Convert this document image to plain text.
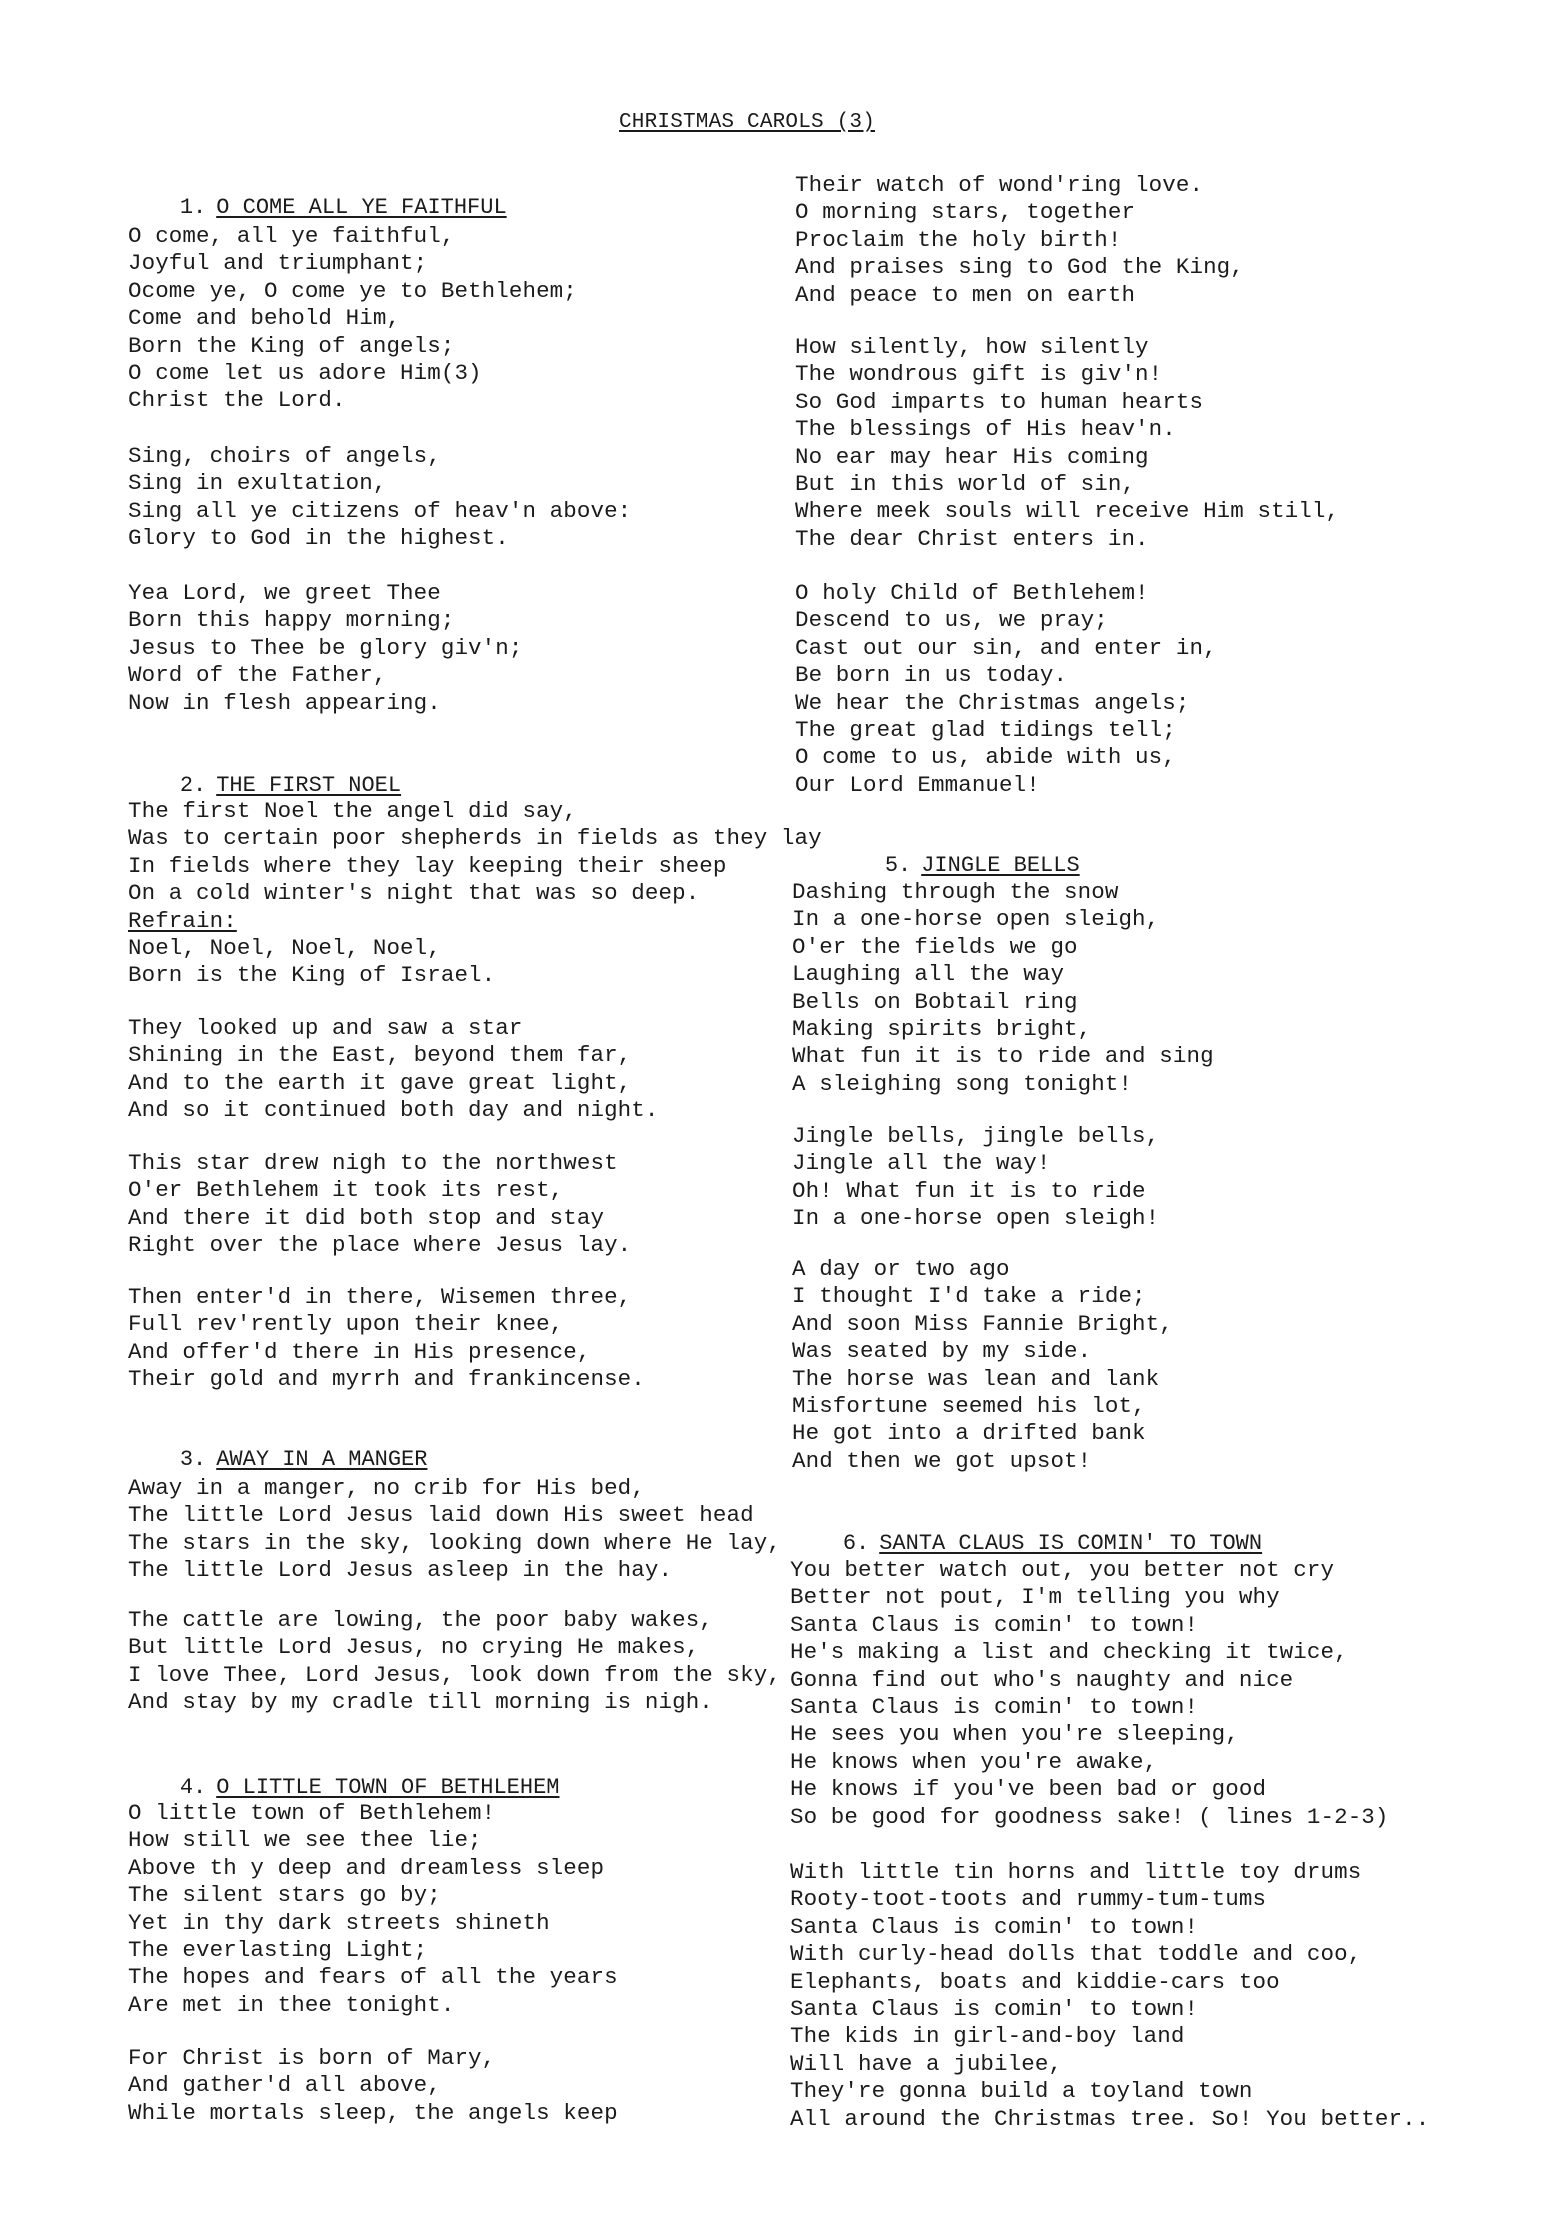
CHRISTMAS CAROLS (3)

1. O COME ALL YE FAITHFUL

O come, all ye faithful,
Joyful and triumphant;
Ocome ye, O come ye to Bethlehem;
Come and behold Him,
Born the King of angels;
O come let us adore Him(3)
Christ the Lord.
Sing, choirs of angels,
Sing in exultation,
Sing all ye citizens of heav'n above:
Glory to God in the highest.
Yea Lord, we greet Thee
Born this happy morning;
Jesus to Thee be glory giv'n;
Word of the Father,
Now in flesh appearing.

2. THE FIRST NOEL

The first Noel the angel did say,
Was to certain poor shepherds in fields as they lay
In fields where they lay keeping their sheep
On a cold winter's night that was so deep.
Refrain:
Noel, Noel, Noel, Noel,
Born is the King of Israel.
They looked up and saw a star
Shining in the East, beyond them far,
And to the earth it gave great light,
And so it continued both day and night.
This star drew nigh to the northwest
O'er Bethlehem it took its rest,
And there it did both stop and stay
Right over the place where Jesus lay.
Then enter'd in there, Wisemen three,
Full rev'rently upon their knee,
And offer'd there in His presence,
Their gold and myrrh and frankincense.

3. AWAY IN A MANGER

Away in a manger, no crib for His bed,
The little Lord Jesus laid down His sweet head
The stars in the sky, looking down where He lay,
The little Lord Jesus asleep in the hay.
The cattle are lowing, the poor baby wakes,
But little Lord Jesus, no crying He makes,
I love Thee, Lord Jesus, look down from the sky,
And stay by my cradle till morning is nigh.

4. O LITTLE TOWN OF BETHLEHEM

O little town of Bethlehem!
How still we see thee lie;
Above th y deep and dreamless sleep
The silent stars go by;
Yet in thy dark streets shineth
The everlasting Light;
The hopes and fears of all the years
Are met in thee tonight.
For Christ is born of Mary,
And gather'd all above,
While mortals sleep, the angels keep
Their watch of wond'ring love.
O morning stars, together
Proclaim the holy birth!
And praises sing to God the King,
And peace to men on earth
How silently, how silently
The wondrous gift is giv'n!
So God imparts to human hearts
The blessings of His heav'n.
No ear may hear His coming
But in this world of sin,
Where meek souls will receive Him still,
The dear Christ enters in.
O holy Child of Bethlehem!
Descend to us, we pray;
Cast out our sin, and enter in,
Be born in us today.
We hear the Christmas angels;
The great glad tidings tell;
O come to us, abide with us,
Our Lord Emmanuel!

5. JINGLE BELLS

Dashing through the snow
In a one-horse open sleigh,
O'er the fields we go
Laughing all the way
Bells on Bobtail ring
Making spirits bright,
What fun it is to ride and sing
A sleighing song tonight!
Jingle bells, jingle bells,
Jingle all the way!
Oh! What fun it is to ride
In a one-horse open sleigh!
A day or two ago
I thought I'd take a ride;
And soon Miss Fannie Bright,
Was seated by my side.
The horse was lean and lank
Misfortune seemed his lot,
He got into a drifted bank
And then we got upsot!

6. SANTA CLAUS IS COMIN' TO TOWN

You better watch out, you better not cry
Better not pout, I'm telling you why
Santa Claus is comin' to town!
He's making a list and checking it twice,
Gonna find out who's naughty and nice
Santa Claus is comin' to town!
He sees you when you're sleeping,
He knows when you're awake,
He knows if you've been bad or good
So be good for goodness sake! ( lines 1-2-3)
With little tin horns and little toy drums
Rooty-toot-toots and rummy-tum-tums
Santa Claus is comin' to town!
With curly-head dolls that toddle and coo,
Elephants, boats and kiddie-cars too
Santa Claus is comin' to town!
The kids in girl-and-boy land
Will have a jubilee,
They're gonna build a toyland town
All around the Christmas tree. So! You better..
